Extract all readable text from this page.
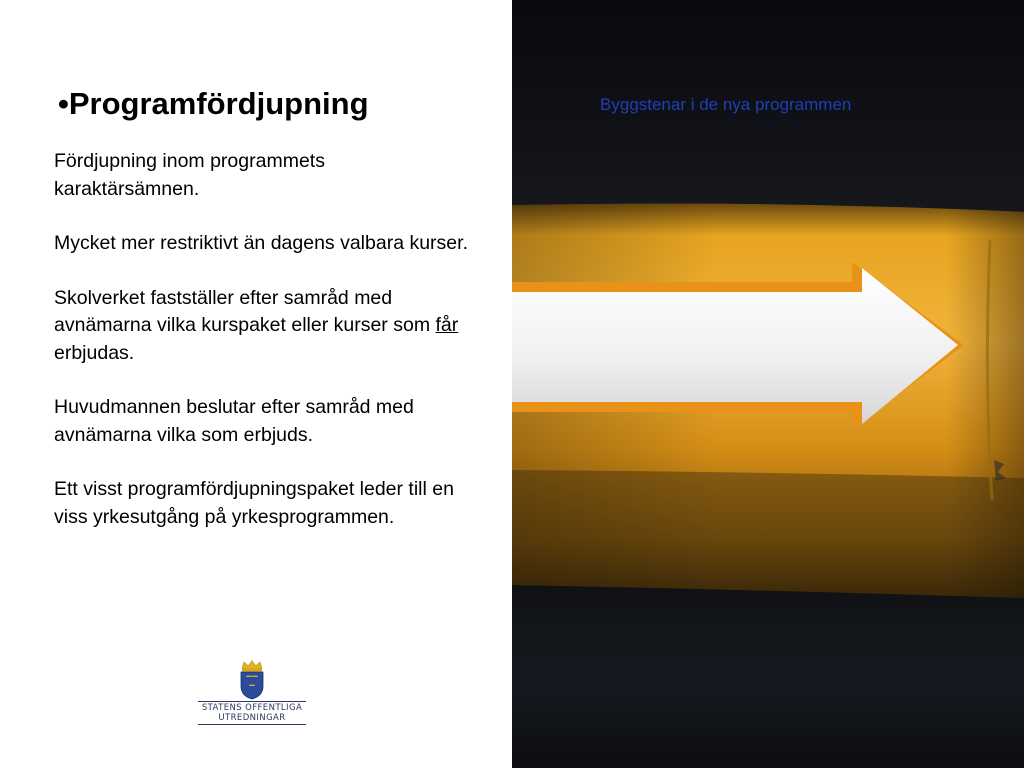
•Programfördjupning

Fördjupning inom programmets karaktärsämnen.

Mycket mer restriktivt än dagens valbara kurser.

Skolverket fastställer efter samråd med avnämarna vilka kurspaket eller kurser som får erbjudas.

Huvudmannen beslutar efter samråd med avnämarna vilka som erbjuds.

Ett visst programfördjupningspaket leder till en viss yrkesutgång på yrkesprogrammen.

STATENS OFFENTLIGA
UTREDNINGAR
Byggstenar i de nya programmen
